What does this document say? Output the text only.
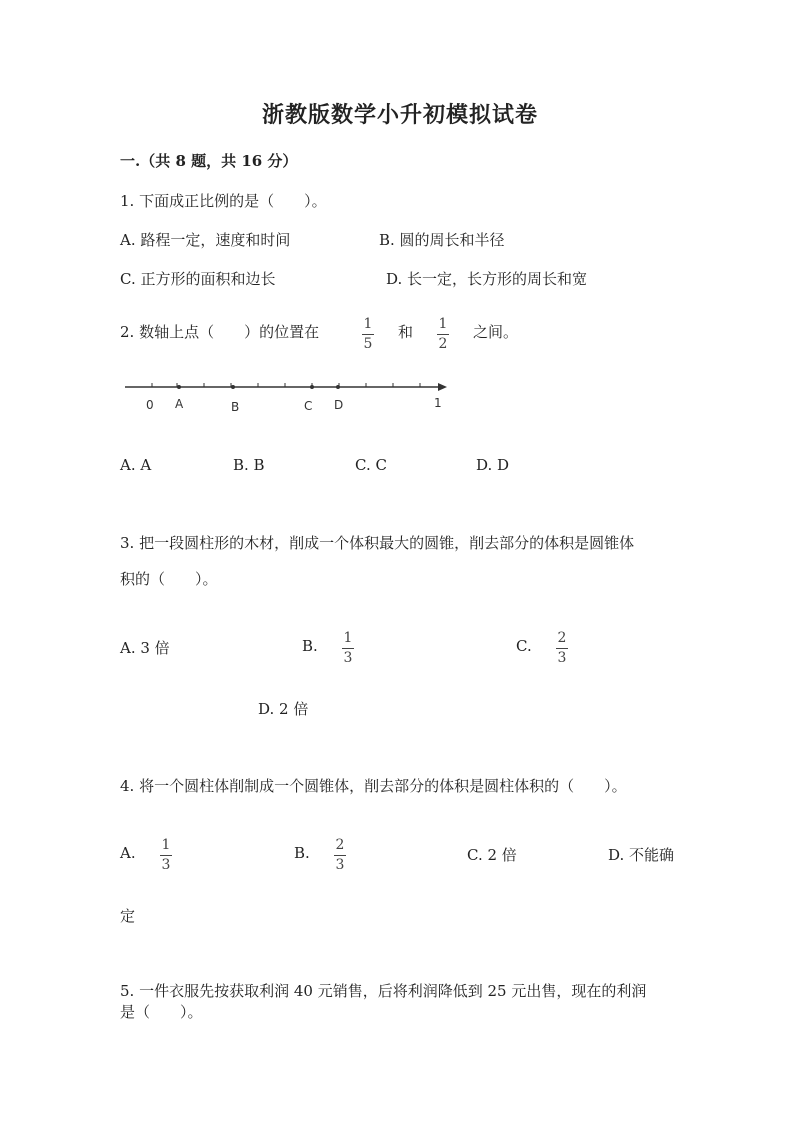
浙教版数学小升初模拟试卷
一.（共 8 题，共 16 分）
1. 下面成正比例的是（　　）。
A. 路程一定，速度和时间	B. 圆的周长和半径
C. 正方形的面积和边长	D. 长一定，长方形的周长和宽
2. 数轴上点（　　）的位置在	1
5
和 1
2
之间。
0 A	B	C D	1
A. A	B. B	C. C	D. D
3. 把一段圆柱形的木材，削成一个体积最大的圆锥，削去部分的体积是圆锥体
积的（　　）。
A. 3 倍	B. 1
3
C. 2
3
D. 2 倍
4. 将一个圆柱体削制成一个圆锥体，削去部分的体积是圆柱体积的（　　）。
A. 1
3
B. 2
3
C. 2 倍	D. 不能确
定
5. 一件衣服先按获取利润 40 元销售，后将利润降低到 25 元出售，现在的利润
是（　　）。
